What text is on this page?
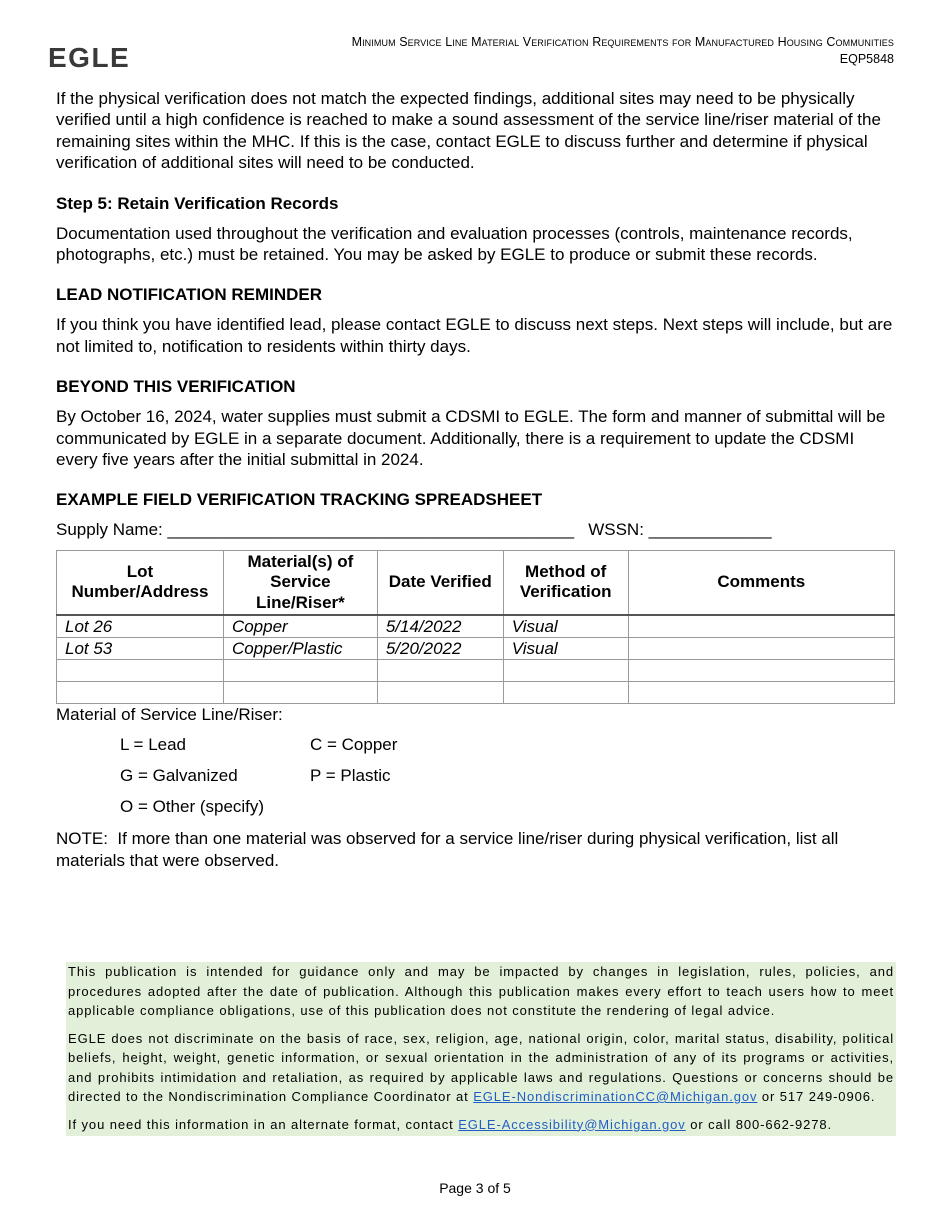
EGLE	Minimum Service Line Material Verification Requirements for Manufactured Housing Communities
EQP5848

If the physical verification does not match the expected findings, additional sites may need to be physically verified until a high confidence is reached to make a sound assessment of the service line/riser material of the remaining sites within the MHC. If this is the case, contact EGLE to discuss further and determine if physical verification of additional sites will need to be conducted.

Step 5: Retain Verification Records

Documentation used throughout the verification and evaluation processes (controls, maintenance records, photographs, etc.) must be retained. You may be asked by EGLE to produce or submit these records.

LEAD NOTIFICATION REMINDER

If you think you have identified lead, please contact EGLE to discuss next steps. Next steps will include, but are not limited to, notification to residents within thirty days.

BEYOND THIS VERIFICATION

By October 16, 2024, water supplies must submit a CDSMI to EGLE. The form and manner of submittal will be communicated by EGLE in a separate document. Additionally, there is a requirement to update the CDSMI every five years after the initial submittal in 2024.

EXAMPLE FIELD VERIFICATION TRACKING SPREADSHEET

Supply Name: ___________________________________________   WSSN: _____________

Lot Number/Address	Material(s) of Service Line/Riser*	Date Verified	Method of Verification	Comments
Lot 26	Copper	5/14/2022	Visual	
Lot 53	Copper/Plastic	5/20/2022	Visual	

Material of Service Line/Riser:

L = Lead	C = Copper
G = Galvanized	P = Plastic
O = Other (specify)

NOTE:  If more than one material was observed for a service line/riser during physical verification, list all materials that were observed.

This publication is intended for guidance only and may be impacted by changes in legislation, rules, policies, and procedures adopted after the date of publication. Although this publication makes every effort to teach users how to meet applicable compliance obligations, use of this publication does not constitute the rendering of legal advice.

EGLE does not discriminate on the basis of race, sex, religion, age, national origin, color, marital status, disability, political beliefs, height, weight, genetic information, or sexual orientation in the administration of any of its programs or activities, and prohibits intimidation and retaliation, as required by applicable laws and regulations. Questions or concerns should be directed to the Nondiscrimination Compliance Coordinator at EGLE-NondiscriminationCC@Michigan.gov or 517 249-0906.

If you need this information in an alternate format, contact EGLE-Accessibility@Michigan.gov or call 800-662-9278.

Page 3 of 5
